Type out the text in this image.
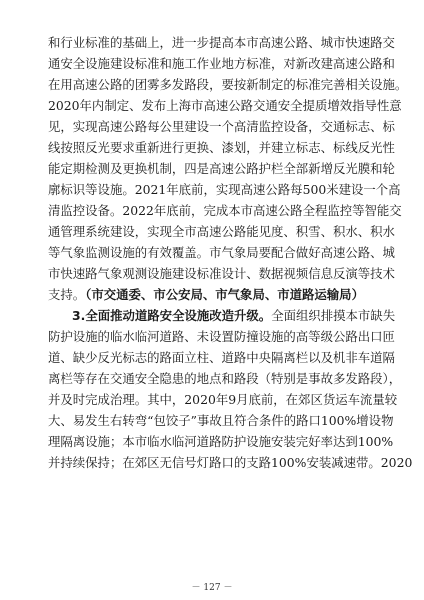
和行业标准的基础上，进一步提高本市高速公路、城市快速路交
通安全设施建设标准和施工作业地方标准，对新改建高速公路和
在用高速公路的团雾多发路段，要按新制定的标准完善相关设施。
2020年内制定、发布上海市高速公路交通安全提质增效指导性意
见，实现高速公路每公里建设一个高清监控设备，交通标志、标
线按照反光要求重新进行更换、漆划，并建立标志、标线反光性
能定期检测及更换机制，四是高速公路护栏全部新增反光膜和轮
廓标识等设施。2021年底前，实现高速公路每500米建设一个高
清监控设备。2022年底前，完成本市高速公路全程监控等智能交
通管理系统建设，实现全市高速公路能见度、积雪、积水、积水
等气象监测设施的有效覆盖。市气象局要配合做好高速公路、城
市快速路气象观测设施建设标准设计、数据视频信息反演等技术
支持。（市交通委、市公安局、市气象局、市道路运输局）
3.全面推动道路安全设施改造升级。全面组织排摸本市缺失
防护设施的临水临河道路、未设置防撞设施的高等级公路出口匝
道、缺少反光标志的路面立柱、道路中央隔离栏以及机非车道隔
离栏等存在交通安全隐患的地点和路段（特别是事故多发路段），
并及时完成治理。其中，2020年9月底前，在郊区货运车流量较
大、易发生右转弯“包饺子”事故且符合条件的路口100%增设物
理隔离设施；本市临水临河道路防护设施安装完好率达到100%
并持续保持；在郊区无信号灯路口的支路100%安装减速带。2020
－ 127 －
